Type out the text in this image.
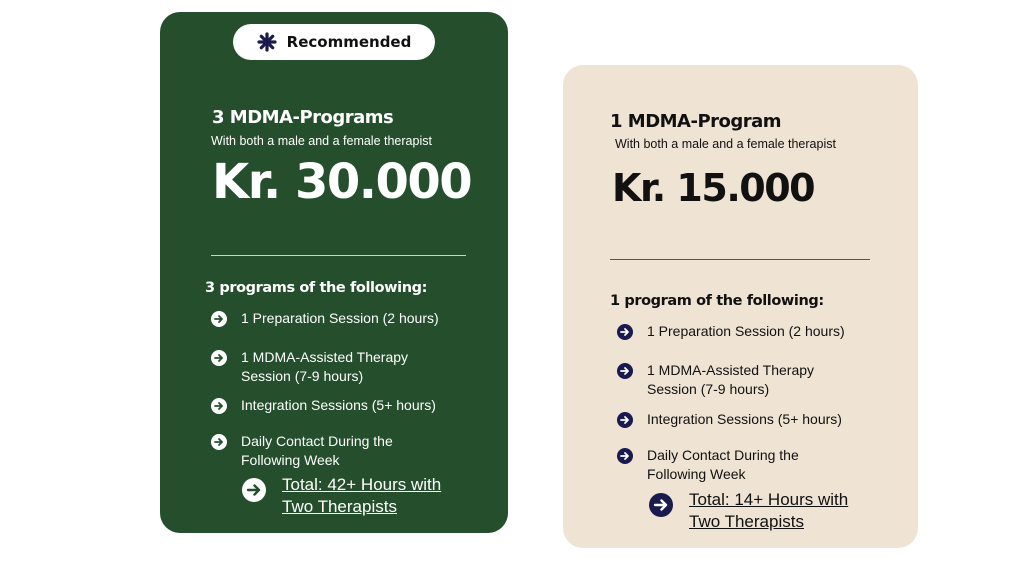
Recommended
3 MDMA-Programs
With both a male and a female therapist
Kr. 30.000
3 programs of the following:
1 Preparation Session (2 hours)
1 MDMA-Assisted Therapy
Session (7-9 hours)
Integration Sessions (5+ hours)
Daily Contact During the
Following Week
Total: 42+ Hours with
Two Therapists
1 MDMA-Program
With both a male and a female therapist
Kr. 15.000
1 program of the following:
1 Preparation Session (2 hours)
1 MDMA-Assisted Therapy
Session (7-9 hours)
Integration Sessions (5+ hours)
Daily Contact During the
Following Week
Total: 14+ Hours with
Two Therapists
